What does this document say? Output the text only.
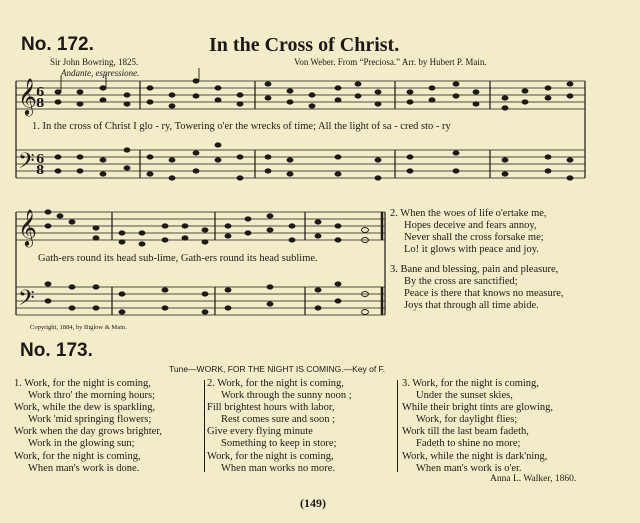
No. 172.	In the Cross of Christ.
Sir John Bowring, 1825.
Andante, espressione.
Von Weber. From “Preciosa.” Arr. by Hubert P. Main.
𝄞
𝄢
𝄞
𝄢
6
8
6
8
1. In the cross of Christ I glo - ry, Towering o'er the wrecks of time; All the light of sa - cred sto - ry
Gath-ers round its head sub-lime, Gath-ers round its head sublime.
Copyright, 1884, by Biglow & Main.
2. When the woes of life o'ertake me,
Hopes deceive and fears annoy,
Never shall the cross forsake me;
Lo! it glows with peace and joy.
3. Bane and blessing, pain and pleasure,
By the cross are sanctified;
Peace is there that knows no measure,
Joys that through all time abide.
No. 173.
Tune—WORK, FOR THE NIGHT IS COMING.—Key of F.
1. Work, for the night is coming,
Work thro' the morning hours;
Work, while the dew is sparkling,
Work 'mid springing flowers;
Work when the day grows brighter,
Work in the glowing sun;
Work, for the night is coming,
When man's work is done.
2. Work, for the night is coming,
Work through the sunny noon ;
Fill brightest hours with labor,
Rest comes sure and soon ;
Give every flying minute
Something to keep in store;
Work, for the night is coming,
When man works no more.
3. Work, for the night is coming,
Under the sunset skies,
While their bright tints are glowing,
Work, for daylight flies;
Work till the last beam fadeth,
Fadeth to shine no more;
Work, while the night is dark'ning,
When man's work is o'er.
Anna L. Walker, 1860.
(149)
